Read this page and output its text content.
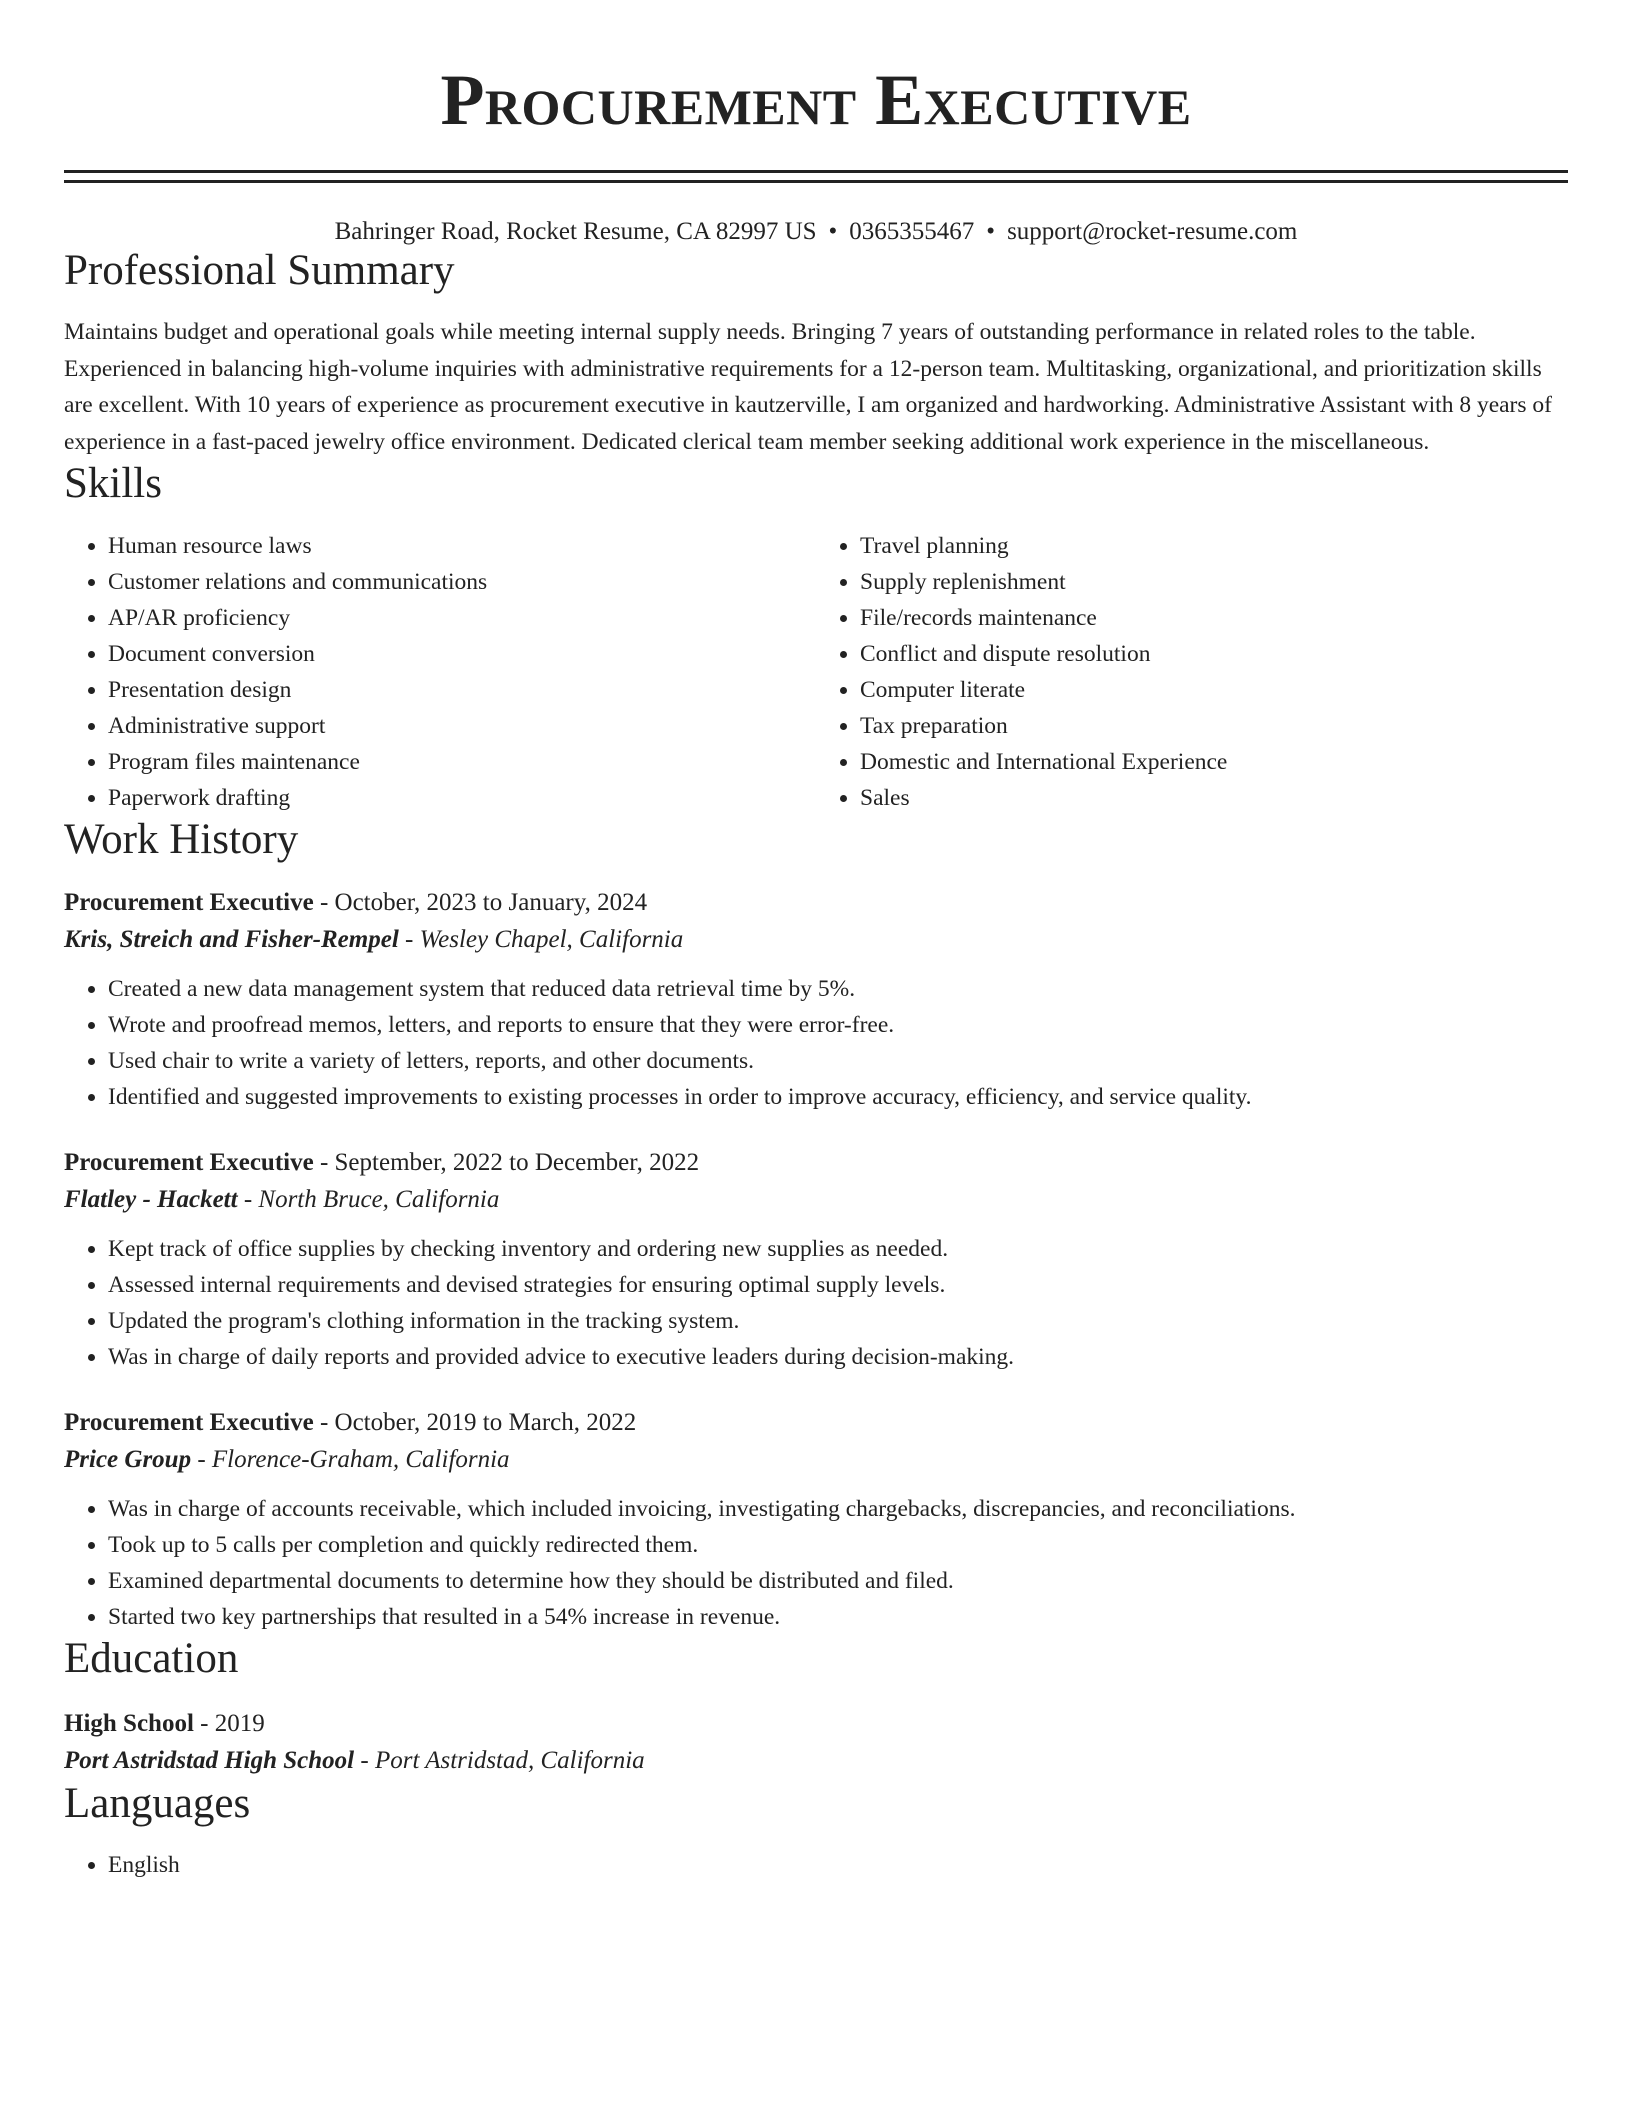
Procurement Executive
Bahringer Road, Rocket Resume, CA 82997 US • 0365355467 • support@rocket-resume.com
Professional Summary

Maintains budget and operational goals while meeting internal supply needs. Bringing 7 years of outstanding performance in related roles to the table. Experienced in balancing high-volume inquiries with administrative requirements for a 12-person team. Multitasking, organizational, and prioritization skills are excellent. With 10 years of experience as procurement executive in kautzerville, I am organized and hardworking. Administrative Assistant with 8 years of experience in a fast-paced jewelry office environment. Dedicated clerical team member seeking additional work experience in the miscellaneous.

Skills
• Human resource laws
• Customer relations and communications
• AP/AR proficiency
• Document conversion
• Presentation design
• Administrative support
• Program files maintenance
• Paperwork drafting
• Travel planning
• Supply replenishment
• File/records maintenance
• Conflict and dispute resolution
• Computer literate
• Tax preparation
• Domestic and International Experience
• Sales
Work History

Procurement Executive - October, 2023 to January, 2024

Kris, Streich and Fisher-Rempel - Wesley Chapel, California

• Created a new data management system that reduced data retrieval time by 5%.
• Wrote and proofread memos, letters, and reports to ensure that they were error-free.
• Used chair to write a variety of letters, reports, and other documents.
• Identified and suggested improvements to existing processes in order to improve accuracy, efficiency, and service quality.

Procurement Executive - September, 2022 to December, 2022

Flatley - Hackett - North Bruce, California

• Kept track of office supplies by checking inventory and ordering new supplies as needed.
• Assessed internal requirements and devised strategies for ensuring optimal supply levels.
• Updated the program's clothing information in the tracking system.
• Was in charge of daily reports and provided advice to executive leaders during decision-making.

Procurement Executive - October, 2019 to March, 2022

Price Group - Florence-Graham, California

• Was in charge of accounts receivable, which included invoicing, investigating chargebacks, discrepancies, and reconciliations.
• Took up to 5 calls per completion and quickly redirected them.
• Examined departmental documents to determine how they should be distributed and filed.
• Started two key partnerships that resulted in a 54% increase in revenue.
Education

High School - 2019

Port Astridstad High School - Port Astridstad, California

Languages
• English
